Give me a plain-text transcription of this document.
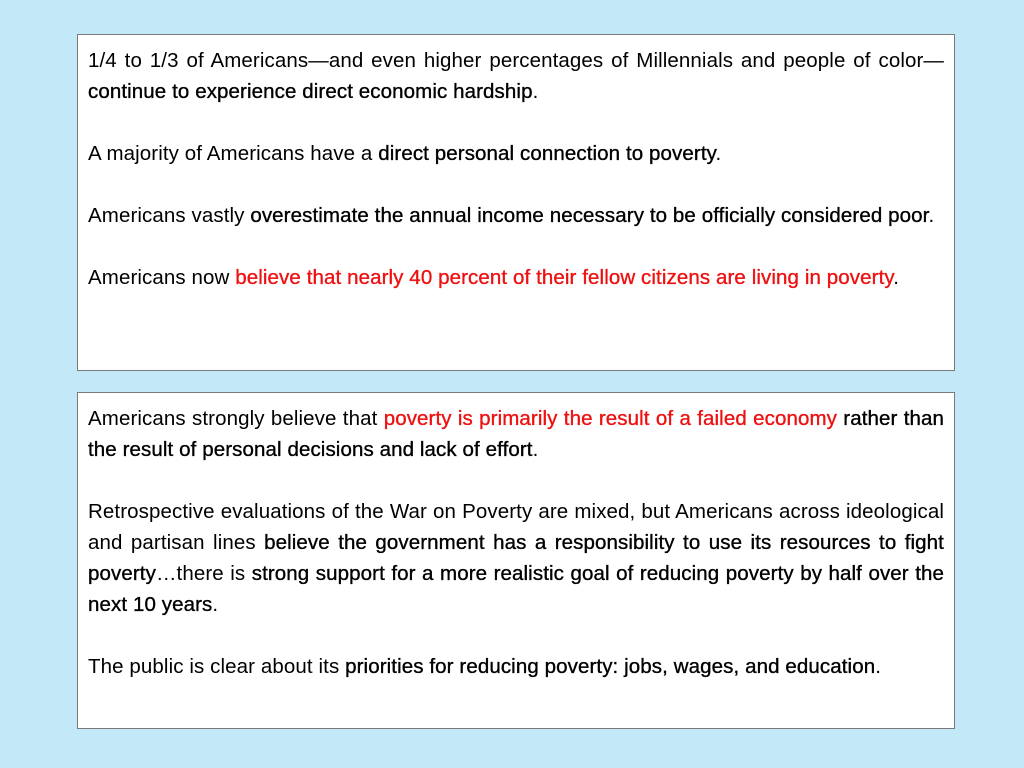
1/4 to 1/3 of Americans—and even higher percentages of Millennials and people of color—continue to experience direct economic hardship.

A majority of Americans have a direct personal connection to poverty.

Americans vastly overestimate the annual income necessary to be officially considered poor.

Americans now believe that nearly 40 percent of their fellow citizens are living in poverty.

Americans strongly believe that poverty is primarily the result of a failed economy rather than the result of personal decisions and lack of effort.

Retrospective evaluations of the War on Poverty are mixed, but Americans across ideological and partisan lines believe the government has a responsibility to use its resources to fight poverty…there is strong support for a more realistic goal of reducing poverty by half over the next 10 years.

The public is clear about its priorities for reducing poverty: jobs, wages, and education.
